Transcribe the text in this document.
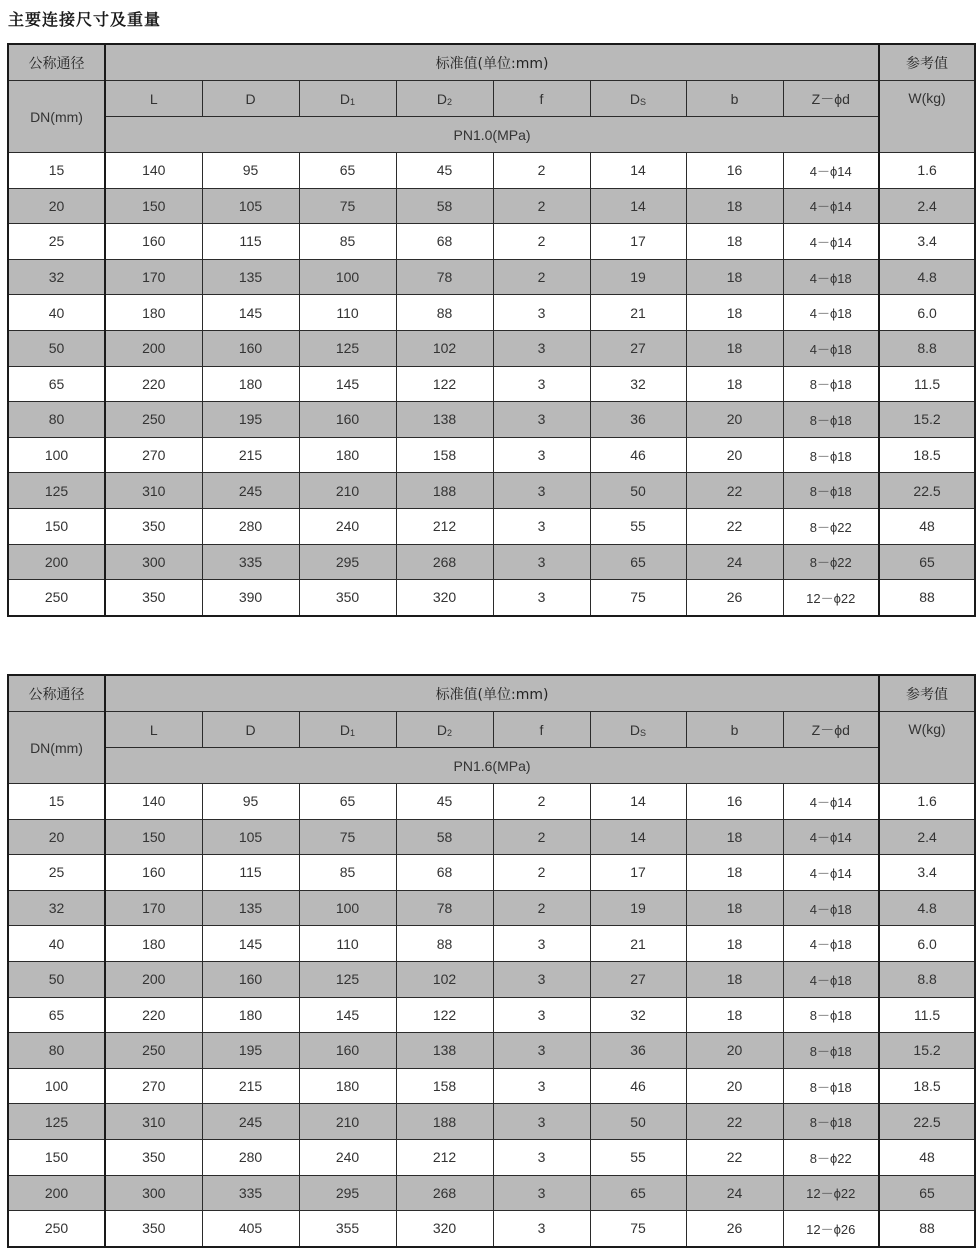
主要连接尺寸及重量
公称通径	标准值(单位:mm)								参考值
DN(mm)	L	D	D1	D2	f	DS	b	Z－ϕd	W(kg)
	PN1.0(MPa)								
15	140	95	65	45	2	14	16	4－ϕ14	1.6
20	150	105	75	58	2	14	18	4－ϕ14	2.4
25	160	115	85	68	2	17	18	4－ϕ14	3.4
32	170	135	100	78	2	19	18	4－ϕ18	4.8
40	180	145	110	88	3	21	18	4－ϕ18	6.0
50	200	160	125	102	3	27	18	4－ϕ18	8.8
65	220	180	145	122	3	32	18	8－ϕ18	11.5
80	250	195	160	138	3	36	20	8－ϕ18	15.2
100	270	215	180	158	3	46	20	8－ϕ18	18.5
125	310	245	210	188	3	50	22	8－ϕ18	22.5
150	350	280	240	212	3	55	22	8－ϕ22	48
200	300	335	295	268	3	65	24	8－ϕ22	65
250	350	390	350	320	3	75	26	12－ϕ22	88
公称通径	标准值(单位:mm)								参考值
DN(mm)	L	D	D1	D2	f	DS	b	Z－ϕd	W(kg)
	PN1.6(MPa)								
15	140	95	65	45	2	14	16	4－ϕ14	1.6
20	150	105	75	58	2	14	18	4－ϕ14	2.4
25	160	115	85	68	2	17	18	4－ϕ14	3.4
32	170	135	100	78	2	19	18	4－ϕ18	4.8
40	180	145	110	88	3	21	18	4－ϕ18	6.0
50	200	160	125	102	3	27	18	4－ϕ18	8.8
65	220	180	145	122	3	32	18	8－ϕ18	11.5
80	250	195	160	138	3	36	20	8－ϕ18	15.2
100	270	215	180	158	3	46	20	8－ϕ18	18.5
125	310	245	210	188	3	50	22	8－ϕ18	22.5
150	350	280	240	212	3	55	22	8－ϕ22	48
200	300	335	295	268	3	65	24	12－ϕ22	65
250	350	405	355	320	3	75	26	12－ϕ26	88
